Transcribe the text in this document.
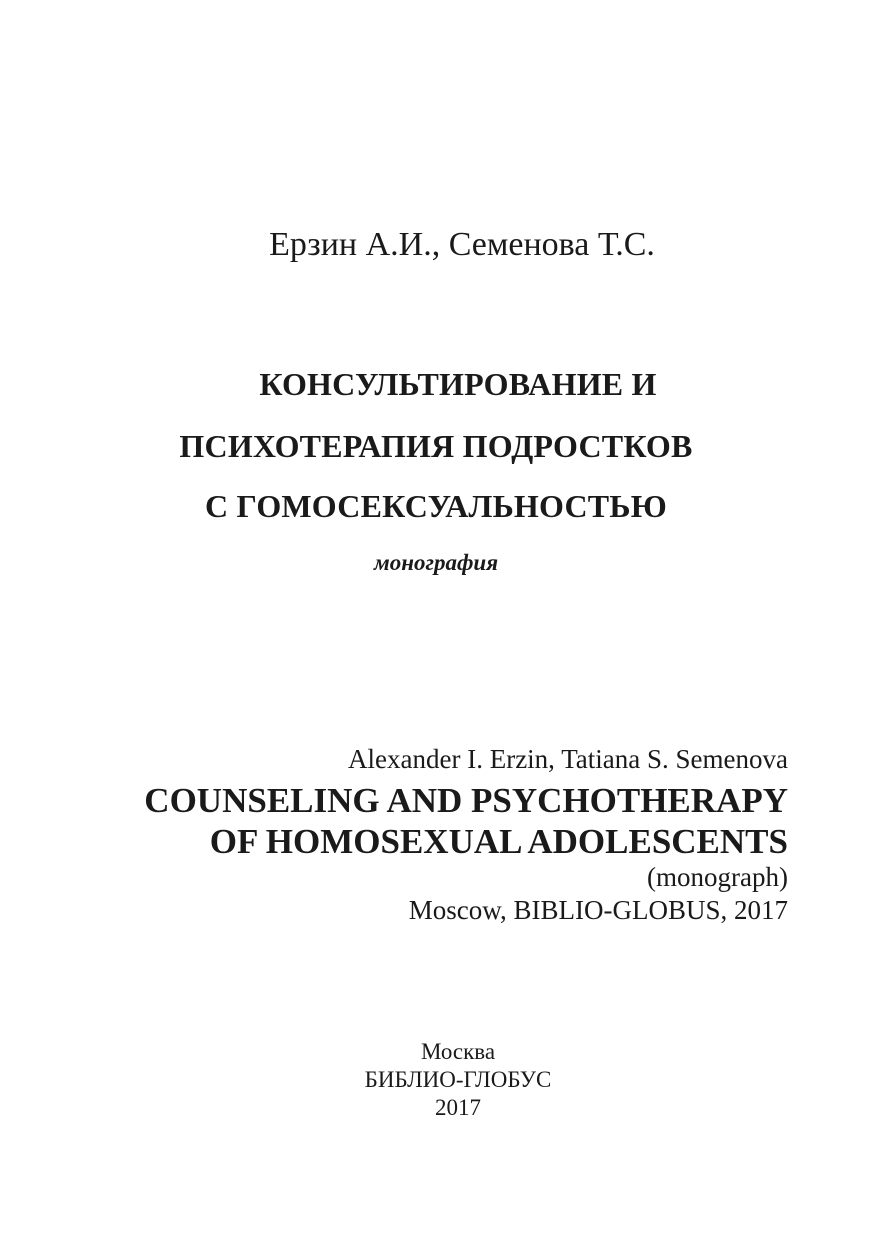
Ерзин А.И., Семенова Т.С.
КОНСУЛЬТИРОВАНИЕ И
ПСИХОТЕРАПИЯ ПОДРОСТКОВ
С ГОМОСЕКСУАЛЬНОСТЬЮ
монография
Alexander I. Erzin, Tatiana S. Semenova
COUNSELING AND PSYCHOTHERAPY
OF HOMOSEXUAL ADOLESCENTS
(monograph)
Moscow, BIBLIO-GLOBUS, 2017
Москва
БИБЛИО-ГЛОБУС
2017
